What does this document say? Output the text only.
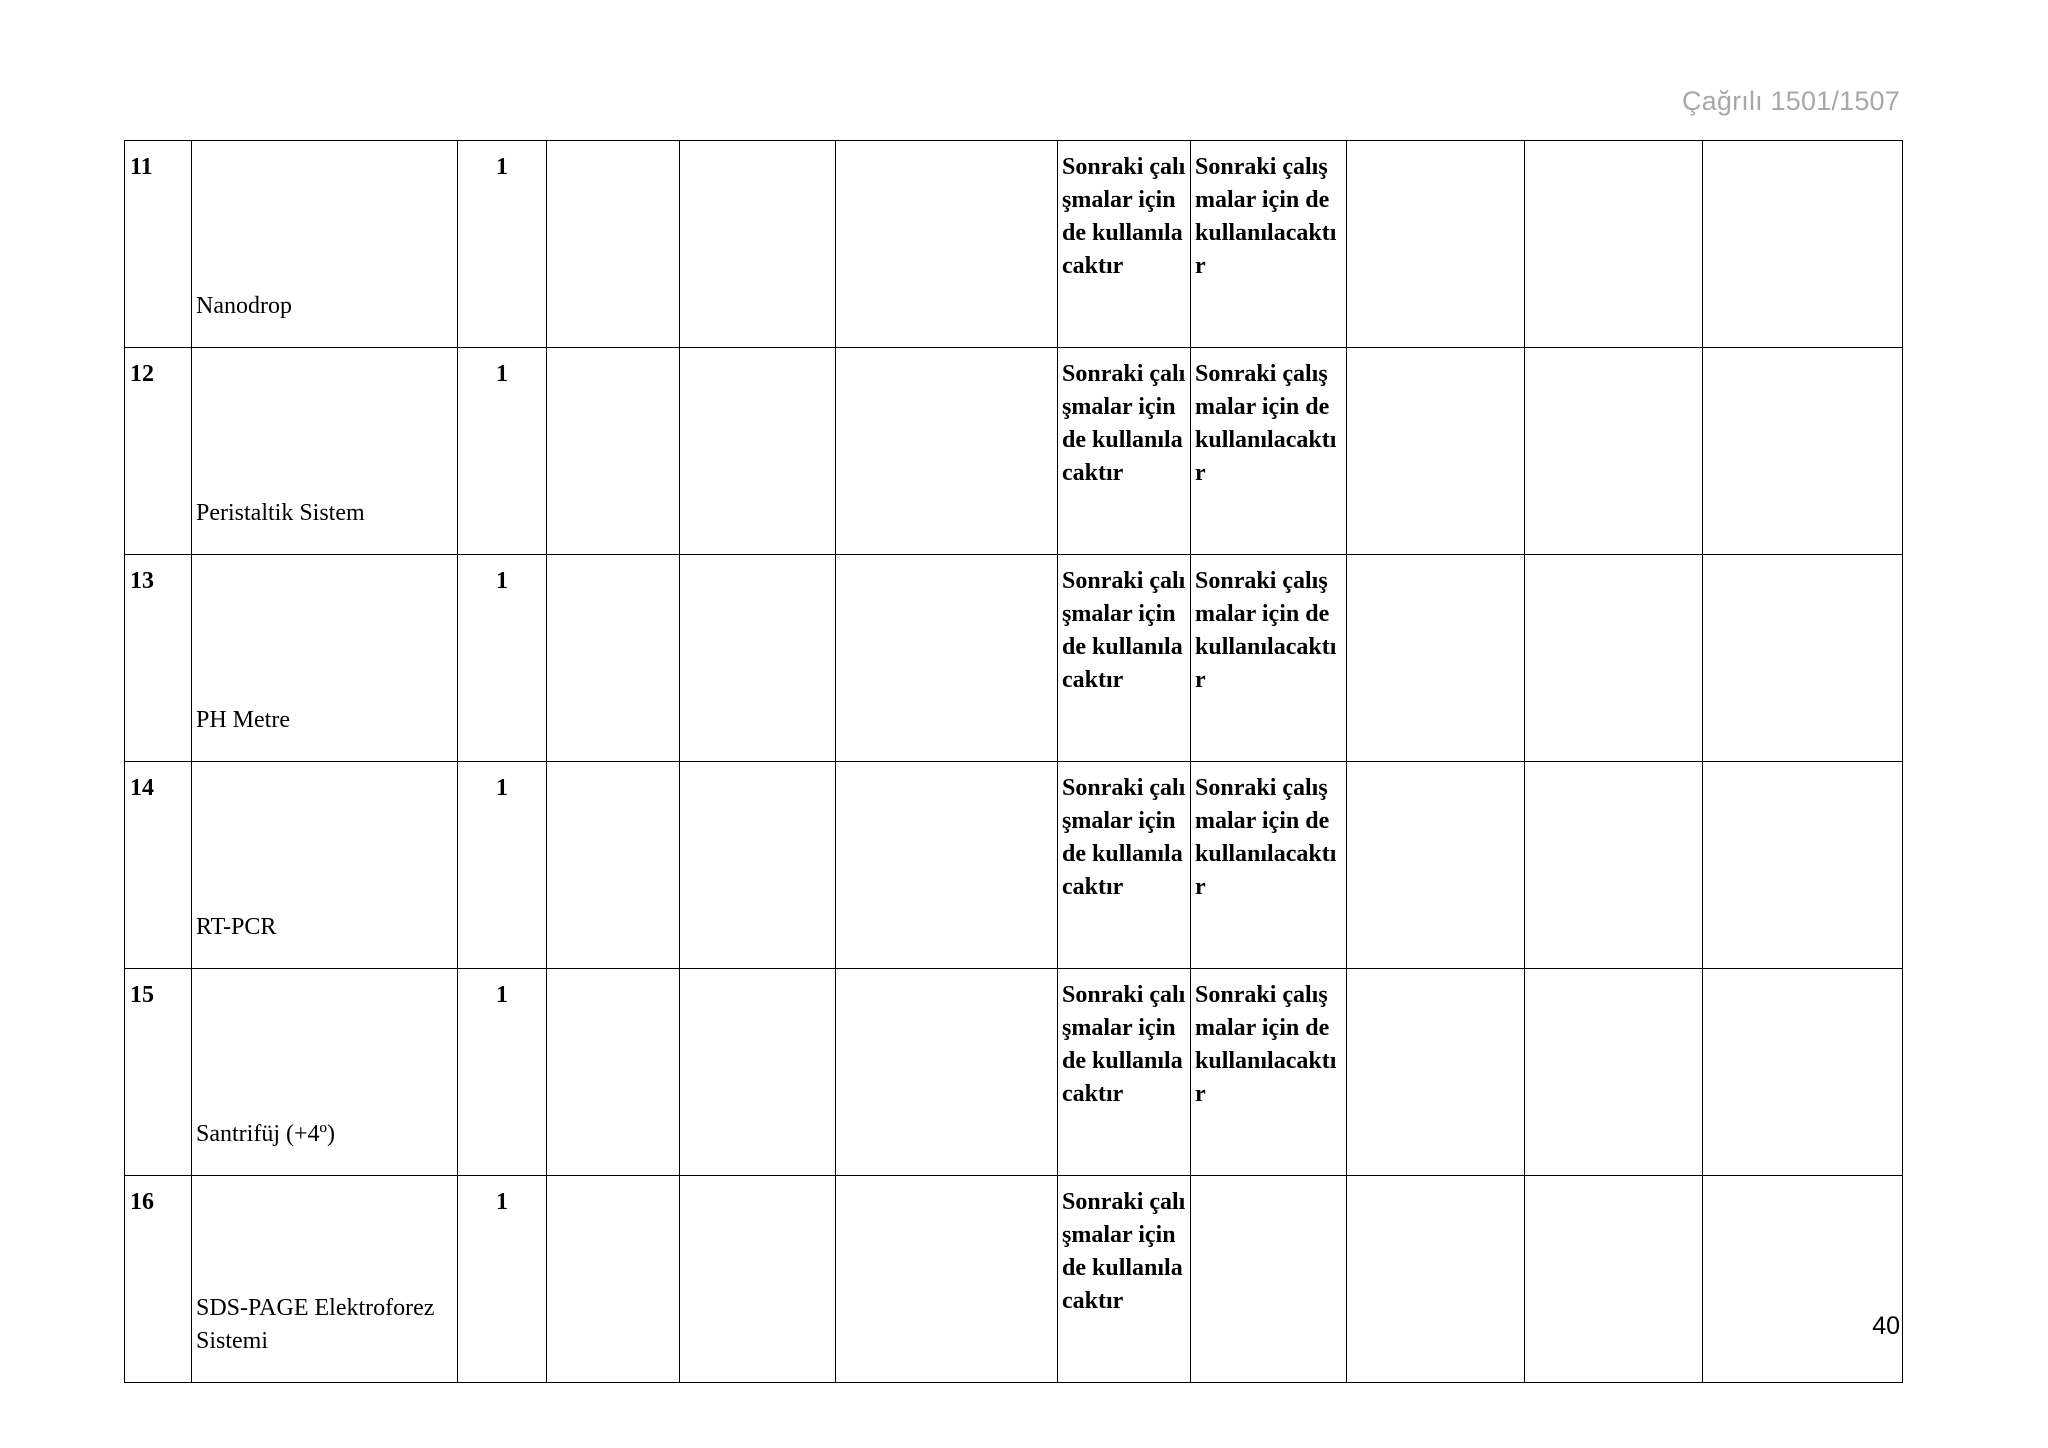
Çağrılı 1501/1507
11	Nanodrop	1				Sonraki çalışmalar için de kullanılacaktır	Sonraki çalışmalar için de kullanılacaktır			
12	Peristaltik Sistem	1				Sonraki çalışmalar için de kullanılacaktır	Sonraki çalışmalar için de kullanılacaktır			
13	PH Metre	1				Sonraki çalışmalar için de kullanılacaktır	Sonraki çalışmalar için de kullanılacaktır			
14	RT-PCR	1				Sonraki çalışmalar için de kullanılacaktır	Sonraki çalışmalar için de kullanılacaktır			
15	Santrifüj (+4º)	1				Sonraki çalışmalar için de kullanılacaktır	Sonraki çalışmalar için de kullanılacaktır			
16	SDS-PAGE Elektroforez Sistemi	1				Sonraki çalışmalar için de kullanılacaktır				
40
